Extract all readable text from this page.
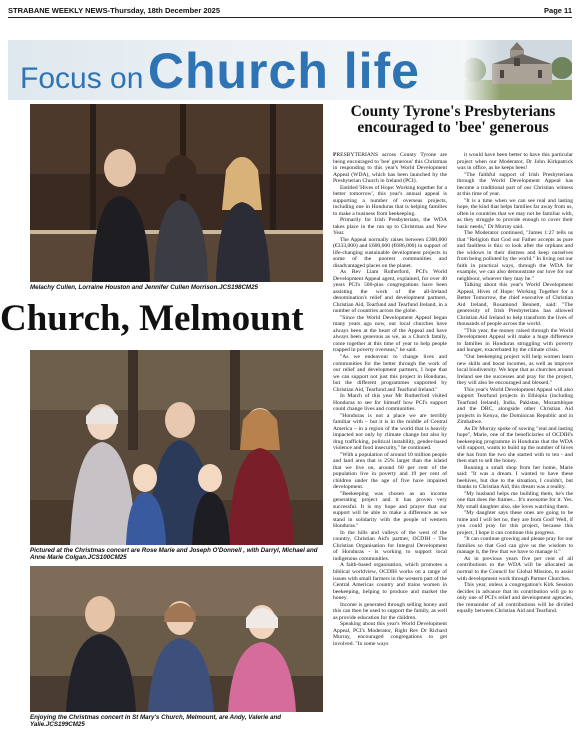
STRABANE WEEKLY NEWS-Thursday, 18th December 2025	Page 11
Focus on Church life
Melachy Cullen, Lorraine Houston and Jennifer Cullen Morrison.JCS198CM25
Church, Melmount
Pictured at the Christmas concert are Rose Marie and Joseph O'Donnell , with Darryl, Michael and Anne Marie Colgan.JCS100CM25
Enjoying the Christmas concert in St Mary's Church, Melmount, are Andy, Valerie and Yalie.JCS199CM25
County Tyrone's Presbyterians encouraged to 'bee' generous

PRESBYTERIANS across County Tyrone are being encouraged to 'bee' generous' this Christmas in responding to this year's World Development Appeal (WDA), which has been launched by the Presbyterian Church in Ireland (PCI).

Entitled 'Hives of Hope: Working together for a better tomorrow', this year's annual appeal is supporting a number of overseas projects, including one in Honduras that is helping families to make a business from beekeeping.

Primarily for Irish Presbyterians, the WDA takes place in the run up to Christmas and New Year.

The Appeal normally raises between £300,000 (€333,000) and £600,000 (€686,000) in support of life-changing sustainable development projects in some of the poorest communities and disadvantaged places on the planet.

As Rev Liam Rutherford, PCI's World Development Appeal agent, explained, for over 40 years PCI's 500-plus congregations have been assisting the work of the all-Ireland denomination's relief and development partners, Christian Aid, Tearfund and Tearfund Ireland, in a number of countries across the globe.

"Since the World Development Appeal began many years ago now, our local churches have always been at the heart of the Appeal and have always been generous as we, as a Church family, come together at this time of year to help people trapped in poverty overseas," he said.

"As we endeavour to change lives and communities for the better through the work of our relief and development partners, I hope that we can support not just this project in Honduras, but the different programmes supported by Christian Aid, Tearfund and Tearfund Ireland."

In March of this year Mr Rutherford visited Honduras to see for himself how PCI's support could change lives and communities.

"Honduras is not a place we are terribly familiar with – but it is in the middle of Central America – in a region of the world that is heavily impacted not only by climate change but also by drug trafficking, political instability, gender-based violence and food insecurity," he continued.

"With a population of around 10 million people and land area that is 25% larger than the island that we live on, around 60 per cent of the population live in poverty and 19 per cent of children under the age of five have impaired development.

"Beekeeping was chosen as an income generating project and it has proven very successful. It is my hope and prayer that our support will be able to make a difference as we stand in solidarity with the people of western Honduras."

In the hills and valleys of the west of the country, Christian Aid's partner, OCDIH - The Christian Organisation for Integral Development of Honduras - is working to support local indigenous communities.

A faith-based organisation, which promotes a biblical worldview, OCDIH works on a range of issues with small farmers in the western part of the Central Americas country and trains women in beekeeping, helping to produce and market the honey.

Income is generated through selling honey and this can then be used to support the family, as well as provide education for the children.

Speaking about this year's World Development Appeal, PCI's Moderator, Right Rev Dr Richard Murray, encouraged congregations to get involved. "In some ways

it would have been better to have this particular project when our Moderator, Dr John Kirkpatrick was in office, as he keeps bees!

"The faithful support of Irish Presbyterians through the World Development Appeal has become a traditional part of our Christian witness at this time of year.

"It is a time when we can see real and lasting hope, the kind that helps families far away from us, often in countries that we may not be familiar with, as they struggle to provide enough to cover their basic needs," Dr Murray said.

The Moderator continued, "James 1:27 tells us that "Religion that God our Father accepts as pure and faultless is this: to look after the orphans and the widows in their distress and keep ourselves from being polluted by the world." In living out our faith in practical ways, through the WDA for example, we can also demonstrate our love for our neighbour, whoever they may be."

Talking about this year's World Development Appeal, Hives of Hope: Working Together for a Better Tomorrow, the chief executive of Christian Aid Ireland, Rosamond Bennett, said: "The generosity of Irish Presbyterians has allowed Christian Aid Ireland to help transform the lives of thousands of people across the world.

"This year, the money raised through the World Development Appeal will make a huge difference to families in Honduras struggling with poverty and hunger, exacerbated by the climate crisis.

"Our beekeeping project will help women learn new skills and boost incomes, as well as improve local biodiversity. We hope that as churches around Ireland see the successes and pray for the project, they will also be encouraged and blessed."

This year's World Development Appeal will also support Tearfund projects in Ethiopia (including Tearfund Ireland), India, Pakistan, Mozambique and the DRC, alongside other Christian Aid projects in Kenya, the Dominican Republic and in Zimbabwe.

As Dr Murray spoke of sowing "real and lasting hope", Marie, one of the beneficiaries of OCDIH's beekeeping programme in Honduras that the WDA will support, wants to build up the number of hives she has from the two she started with to ten - and then start to sell the honey.

Running a small shop from her home, Marie said: "It was a dream. I wanted to have these beehives, but due to the situation, I couldn't, but thanks to Christian Aid, this dream was a reality.

"My husband helps me building them, he's the one that does the frames... It's awesome for it. Yes. My small daughter also, she loves watching them.

"My daughter says these ones are going to be mine and I will bet no, they are from God! Well, if you could pray for this project, because this project, I hope it can continue this progress.

"It can continue growing and please pray for our families so that God can give us the wisdom to manage it, the few that we have to manage it."

As in previous years five per cent of all contributions to the WDA will be allocated as normal to the Council for Global Mission, to assist with development work through Partner Churches.

This year, unless a congregation's Kirk Session decides in advance that its contribution will go to only one of PCI's relief and development agencies, the remainder of all contributions will be divided equally between Christian Aid and Tearfund.
